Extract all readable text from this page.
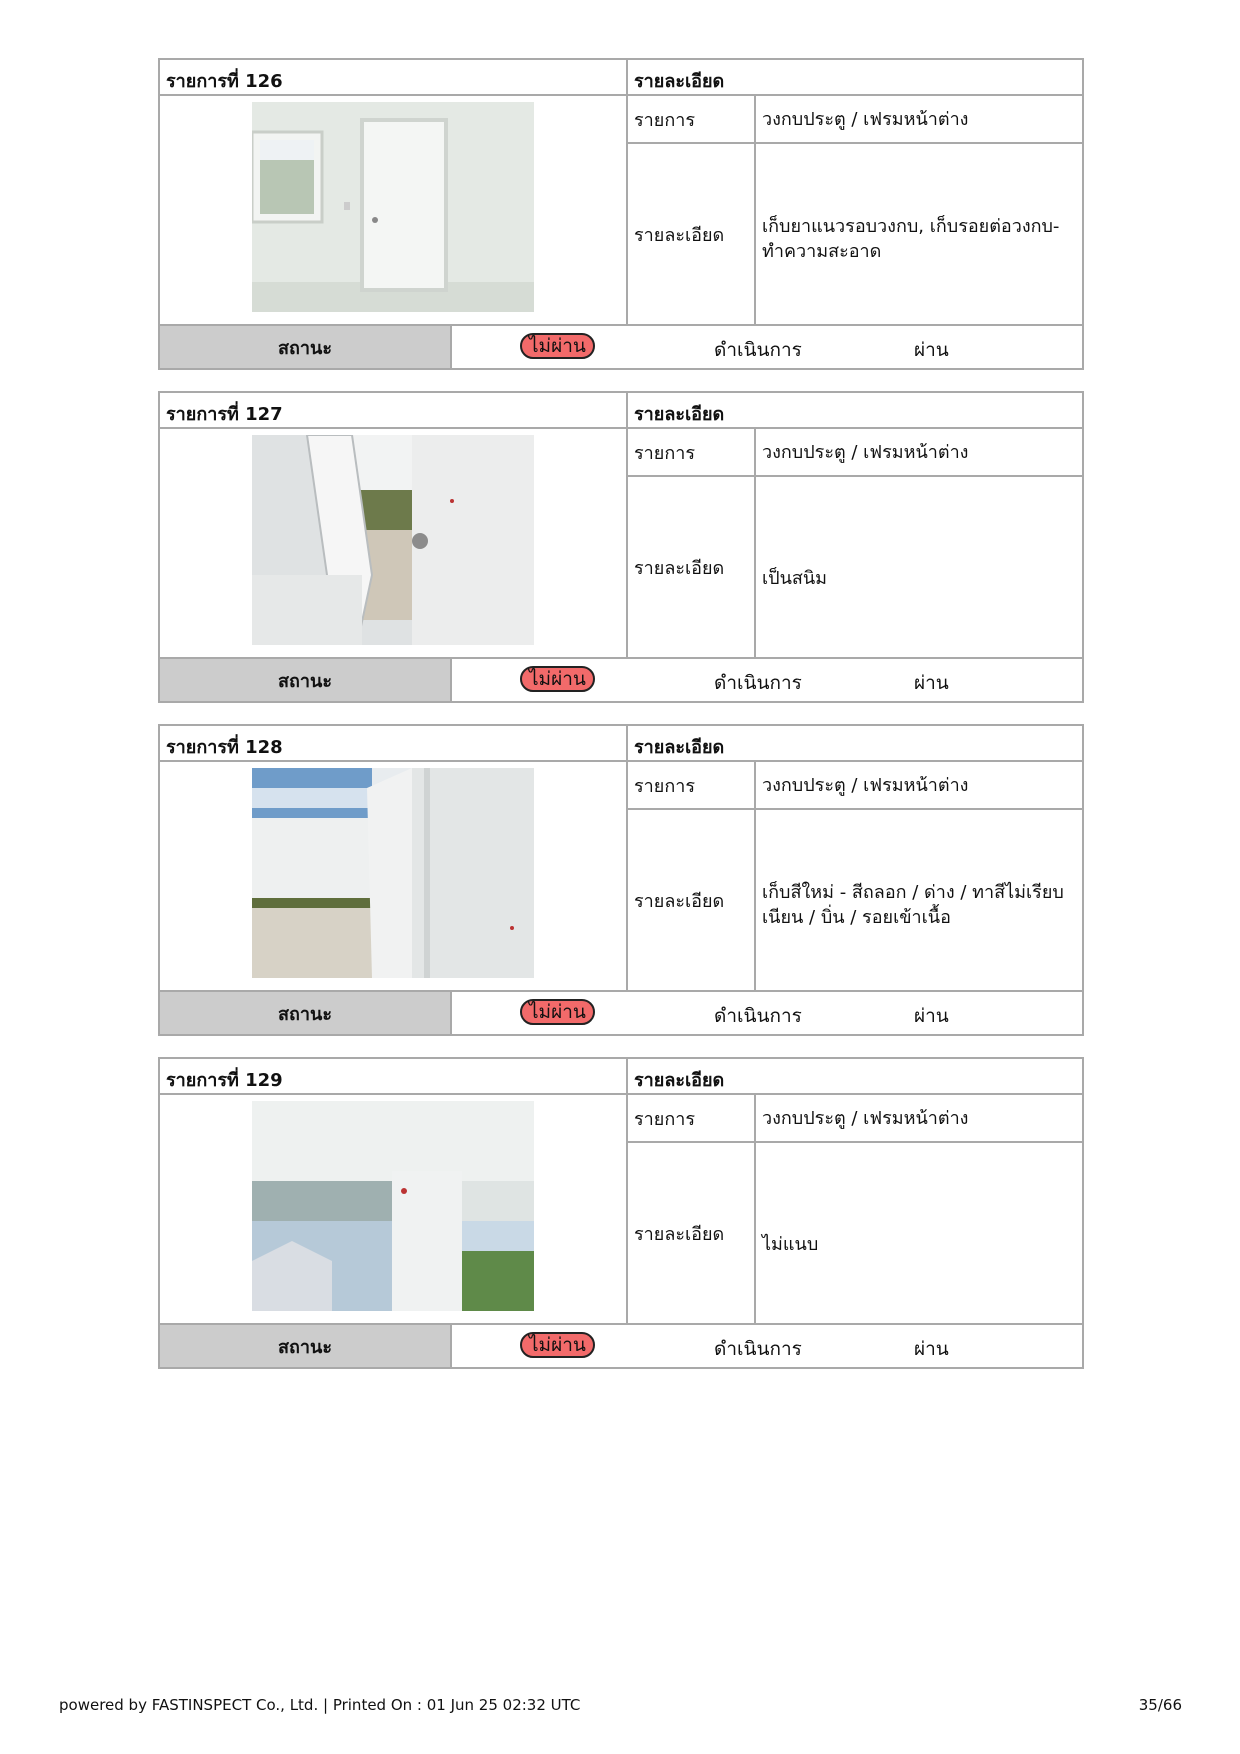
รายการที่ 126	รายละเอียด
รายการ	วงกบประตู / เฟรมหน้าต่าง
รายละเอียด	เก็บยาแนวรอบวงกบ, เก็บรอยต่อวงกบ-ทำความสะอาด
สถานะ	ไม่ผ่าน	ดำเนินการ	ผ่าน
รายการที่ 127	รายละเอียด
รายการ	วงกบประตู / เฟรมหน้าต่าง
รายละเอียด	เป็นสนิม
สถานะ	ไม่ผ่าน	ดำเนินการ	ผ่าน
รายการที่ 128	รายละเอียด
รายการ	วงกบประตู / เฟรมหน้าต่าง
รายละเอียด	เก็บสีใหม่ - สีถลอก / ด่าง / ทาสีไม่เรียบเนียน / บิ่น / รอยเข้าเนื้อ
สถานะ	ไม่ผ่าน	ดำเนินการ	ผ่าน
รายการที่ 129	รายละเอียด
รายการ	วงกบประตู / เฟรมหน้าต่าง
รายละเอียด	ไม่แนบ
สถานะ	ไม่ผ่าน	ดำเนินการ	ผ่าน
powered by FASTINSPECT Co., Ltd. | Printed On : 01 Jun 25 02:32 UTC	35/66
